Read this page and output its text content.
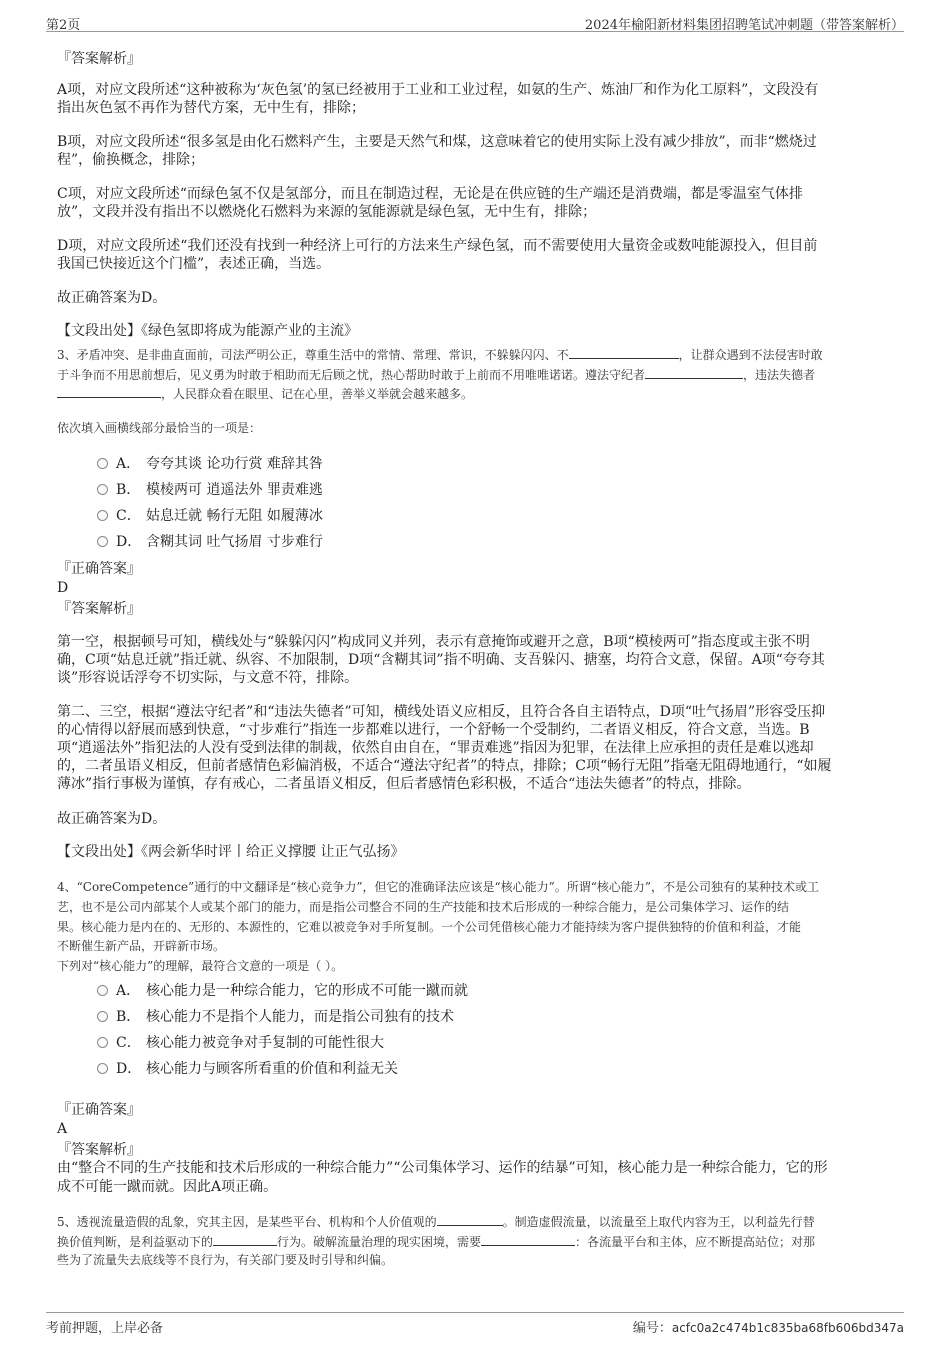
第2页	2024年榆阳新材料集团招聘笔试冲刺题（带答案解析）
『答案解析』
A项，对应文段所述“这种被称为‘灰色氢’的氢已经被用于工业和工业过程，如氨的生产、炼油厂和作为化工原料”，文段没有
指出灰色氢不再作为替代方案，无中生有，排除；
B项，对应文段所述“很多氢是由化石燃料产生，主要是天然气和煤，这意味着它的使用实际上没有减少排放”，而非“燃烧过
程”，偷换概念，排除；
C项，对应文段所述“而绿色氢不仅是氢部分，而且在制造过程，无论是在供应链的生产端还是消费端，都是零温室气体排
放”，文段并没有指出不以燃烧化石燃料为来源的氢能源就是绿色氢，无中生有，排除；
D项，对应文段所述“我们还没有找到一种经济上可行的方法来生产绿色氢，而不需要使用大量资金或数吨能源投入，但目前
我国已快接近这个门槛”，表述正确，当选。
故正确答案为D。
【文段出处】《绿色氢即将成为能源产业的主流》
3、矛盾冲突、是非曲直面前，司法严明公正，尊重生活中的常情、常理、常识，不躲躲闪闪、不	，让群众遇到不法侵害时敢
于斗争而不用思前想后，见义勇为时敢于相助而无后顾之忧，热心帮助时敢于上前而不用唯唯诺诺。遵法守纪者	，违法失德者
，人民群众看在眼里、记在心里，善举义举就会越来越多。
依次填入画横线部分最恰当的一项是：
A． 夸夸其谈 论功行赏 难辞其咎
B． 模棱两可 逍遥法外 罪责难逃
C． 姑息迁就 畅行无阻 如履薄冰
D． 含糊其词 吐气扬眉 寸步难行
『正确答案』
D
『答案解析』
第一空，根据顿号可知，横线处与“躲躲闪闪”构成同义并列，表示有意掩饰或避开之意，B项“模棱两可”指态度或主张不明
确，C项“姑息迁就”指迁就、纵容、不加限制，D项“含糊其词”指不明确、支吾躲闪、搪塞，均符合文意，保留。A项“夸夸其
谈”形容说话浮夸不切实际，与文意不符，排除。
第二、三空，根据“遵法守纪者”和“违法失德者”可知，横线处语义应相反，且符合各自主语特点，D项“吐气扬眉”形容受压抑
的心情得以舒展而感到快意，“寸步难行”指连一步都难以进行，一个舒畅一个受制约，二者语义相反，符合文意，当选。B
项“逍遥法外”指犯法的人没有受到法律的制裁，依然自由自在，“罪责难逃”指因为犯罪，在法律上应承担的责任是难以逃却
的，二者虽语义相反，但前者感情色彩偏消极，不适合“遵法守纪者”的特点，排除；C项“畅行无阻”指毫无阻碍地通行，“如履
薄冰”指行事极为谨慎，存有戒心，二者虽语义相反，但后者感情色彩积极，不适合“违法失德者”的特点，排除。
故正确答案为D。
【文段出处】《两会新华时评丨给正义撑腰 让正气弘扬》
4、“CoreCompetence”通行的中文翻译是“核心竞争力”，但它的准确译法应该是“核心能力”。所谓“核心能力”，不是公司独有的某种技术或工
艺，也不是公司内部某个人或某个部门的能力，而是指公司整合不同的生产技能和技术后形成的一种综合能力，是公司集体学习、运作的结
果。核心能力是内在的、无形的、本源性的，它难以被竞争对手所复制。一个公司凭借核心能力才能持续为客户提供独特的价值和利益，才能
不断催生新产品，开辟新市场。
下列对“核心能力”的理解，最符合文意的一项是（ ）。
A． 核心能力是一种综合能力，它的形成不可能一蹴而就
B． 核心能力不是指个人能力，而是指公司独有的技术
C． 核心能力被竞争对手复制的可能性很大
D． 核心能力与顾客所看重的价值和利益无关
『正确答案』
A
『答案解析』
由“整合不同的生产技能和技术后形成的一种综合能力”“公司集体学习、运作的结暴”可知，核心能力是一种综合能力，它的形
成不可能一蹴而就。因此A项正确。
5、透视流量造假的乱象，究其主因，是某些平台、机构和个人价值观的	。制造虚假流量，以流量至上取代内容为王，以利益先行替
换价值判断，是利益驱动下的	行为。破解流量治理的现实困境，需要	：各流量平台和主体，应不断提高站位；对那
些为了流量失去底线等不良行为，有关部门要及时引导和纠偏。
考前押题，上岸必备	编号：acfc0a2c474b1c835ba68fb606bd347a
